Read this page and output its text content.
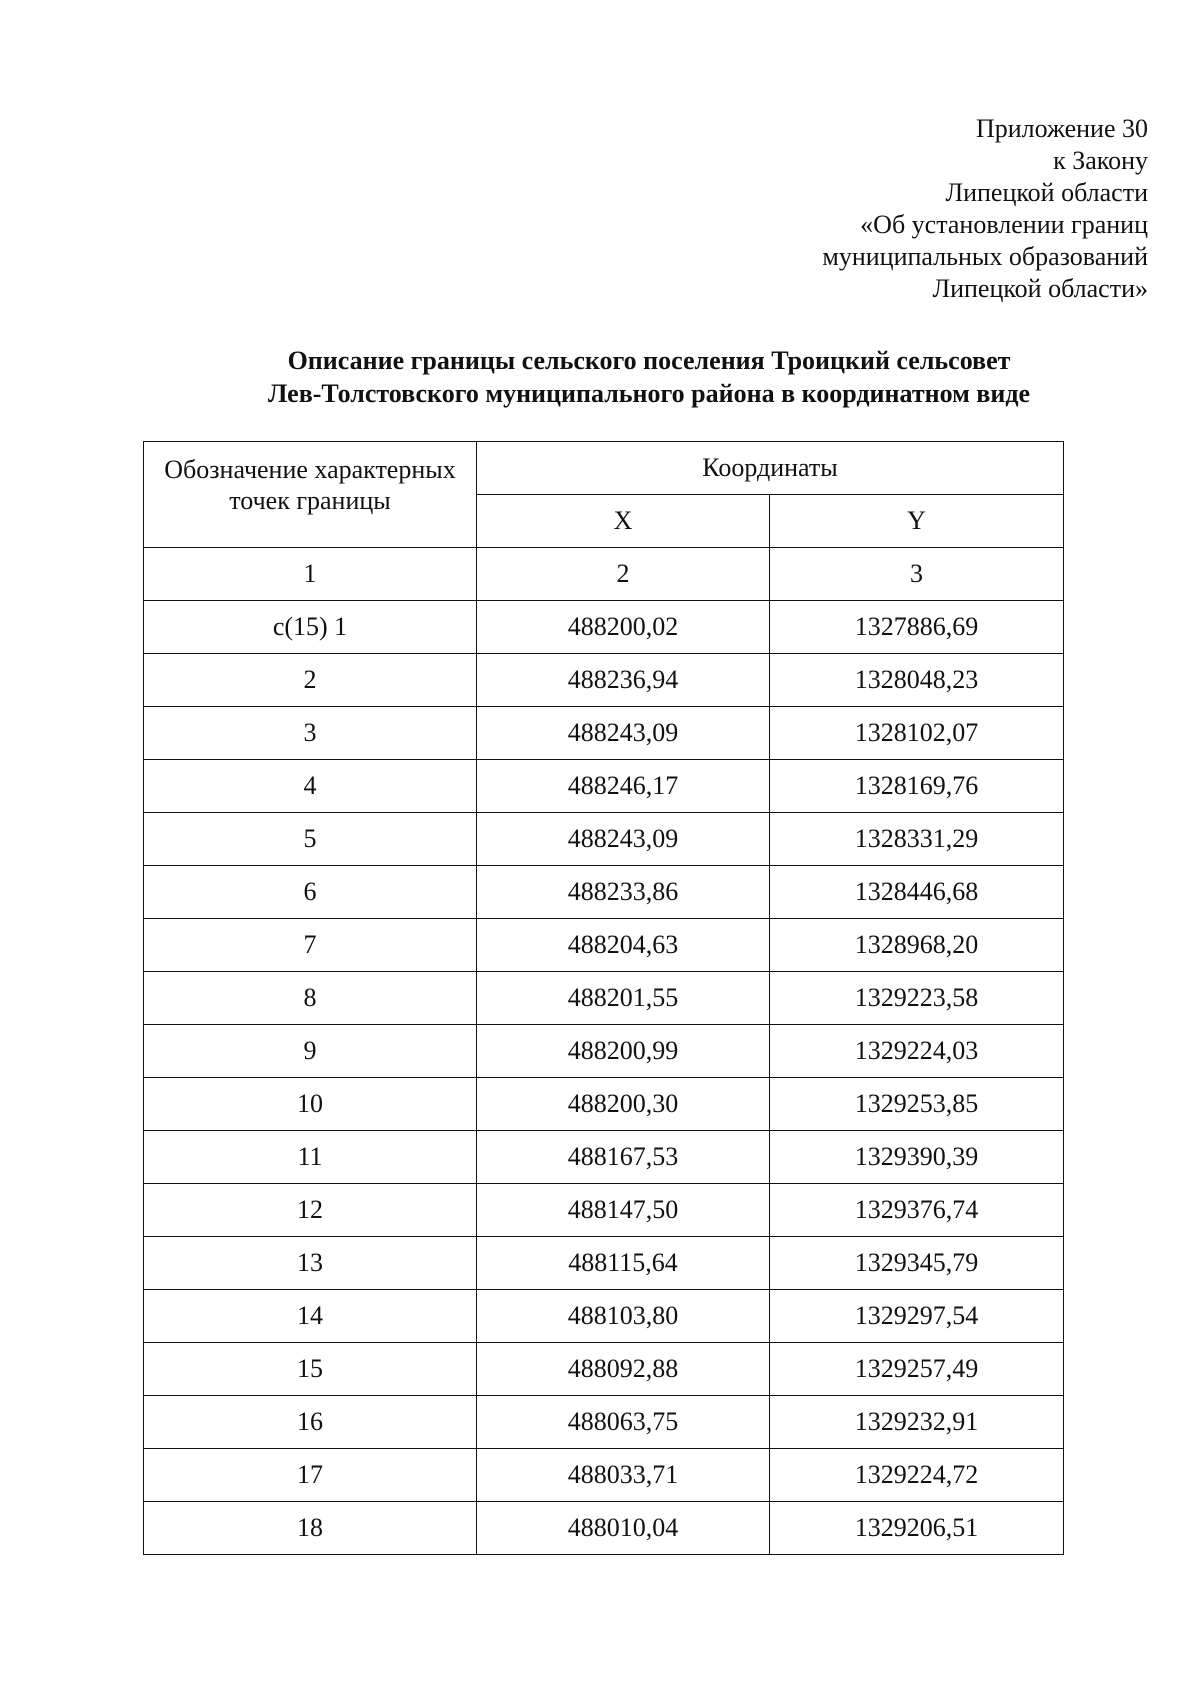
Приложение 30
к Закону
Липецкой области
«Об установлении границ
муниципальных образований
Липецкой области»
Описание границы сельского поселения Троицкий сельсовет
Лев-Толстовского муниципального района в координатном виде
Обозначение характерных точек границы	Координаты	
	X	Y
1	2	3
с(15) 1	488200,02	1327886,69
2	488236,94	1328048,23
3	488243,09	1328102,07
4	488246,17	1328169,76
5	488243,09	1328331,29
6	488233,86	1328446,68
7	488204,63	1328968,20
8	488201,55	1329223,58
9	488200,99	1329224,03
10	488200,30	1329253,85
11	488167,53	1329390,39
12	488147,50	1329376,74
13	488115,64	1329345,79
14	488103,80	1329297,54
15	488092,88	1329257,49
16	488063,75	1329232,91
17	488033,71	1329224,72
18	488010,04	1329206,51
